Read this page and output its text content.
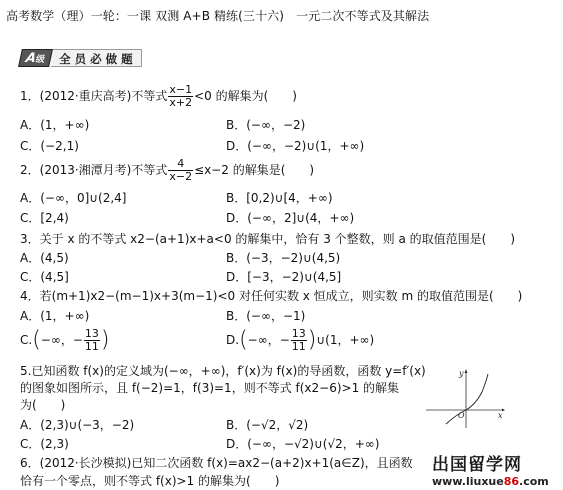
高考数学（理）一轮：一课 双测 A+B 精练(三十六)　一元二次不等式及其解法
A级	全 员 必 做 题
1．(2012·重庆高考)不等式 $\frac{x-1}{x+2} <0$ 的解集为(　　)
A．(1，+∞)	B．(−∞，−2)
C．(−2,1)	D．(−∞，−2)∪(1，+∞)
2．(2013·湘潭月考)不等式 $\frac{4}{x-2} \le x-2$ 的解集是(　　)
A．(−∞，0]∪(2,4]	B．[0,2)∪[4，+∞)
C．[2,4)	D．(−∞，2]∪(4，+∞)
3．关于 x 的不等式 x2−(a+1)x+a<0 的解集中，恰有 3 个整数，则 a 的取值范围是(　　)
A．(4,5)	B．(−3，−2)∪(4,5)
C．(4,5]	D．[−3，−2)∪(4,5]
4．若(m+1)x2−(m−1)x+3(m−1)<0 对任何实数 x 恒成立，则实数 m 的取值范围是(　　)
A．(1，+∞)	B．(−∞，−1)
C.(−∞，− $\frac{13}{11}$ )	D.(−∞，− $\frac{13}{11}$ )∪(1，+∞)
5.已知函数 f(x)的定义域为(−∞，+∞)，f′(x)为 f(x)的导函数，函数 y=f′(x)
的图象如图所示，且 f(−2)=1，f(3)=1，则不等式 f(x2−6)>1 的解集
为(　　)
A．(2,3)∪(−3，−2)	B．(−√2，√2)
C．(2,3)	D．(−∞，−√2)∪(√2，+∞)
y
x
O
6．(2012·长沙模拟)已知二次函数 f(x)=ax2−(a+2)x+1(a∈Z)，且函数
恰有一个零点，则不等式 f(x)>1 的解集为(　　)
出国留学网
www.liuxue86.com
